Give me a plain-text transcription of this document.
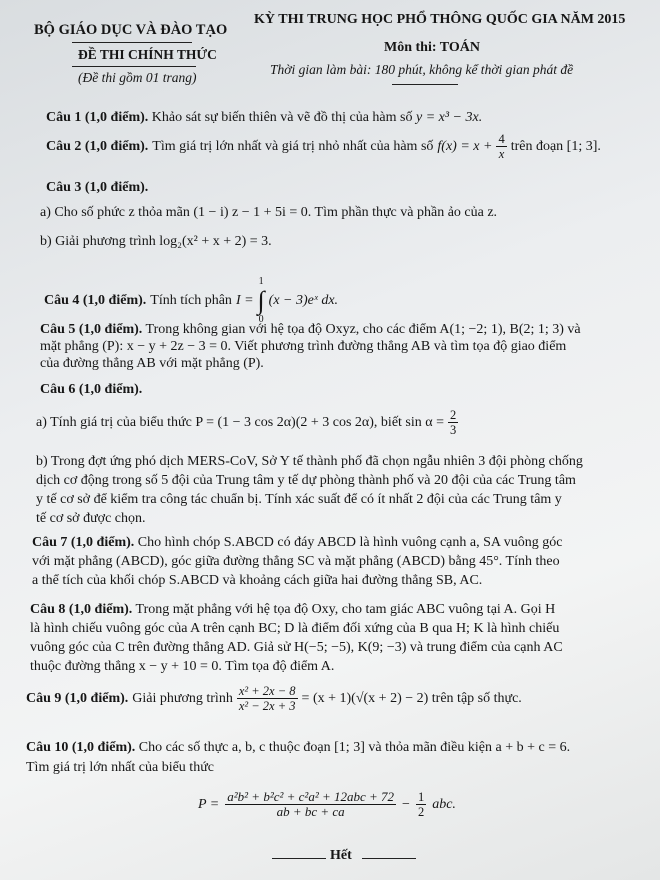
BỘ GIÁO DỤC VÀ ĐÀO TẠO
KỲ THI TRUNG HỌC PHỔ THÔNG QUỐC GIA NĂM 2015
ĐỀ THI CHÍNH THỨC	Môn thi: TOÁN
(Đề thi gồm 01 trang)
Thời gian làm bài: 180 phút, không kể thời gian phát đề
Câu 1 (1,0 điểm). Khảo sát sự biến thiên và vẽ đồ thị của hàm số y = x³ − 3x.
Câu 2 (1,0 điểm). Tìm giá trị lớn nhất và giá trị nhỏ nhất của hàm số $f(x) = x + \frac{4}{x}$ trên đoạn [1; 3].
Câu 3 (1,0 điểm).
a) Cho số phức z thỏa mãn (1 − i) z − 1 + 5i = 0. Tìm phần thực và phần ảo của z.
b) Giải phương trình log₂(x² + x + 2) = 3.
Câu 4 (1,0 điểm). Tính tích phân I =
1
∫
0
(x − 3)eˣ dx.
Câu 5 (1,0 điểm). Trong không gian với hệ tọa độ Oxyz, cho các điểm A(1; −2; 1), B(2; 1; 3) và
mặt phẳng (P): x − y + 2z − 3 = 0. Viết phương trình đường thẳng AB và tìm tọa độ giao điểm
của đường thẳng AB với mặt phẳng (P).
Câu 6 (1,0 điểm).
a) Tính giá trị của biểu thức P = (1 − 3 cos 2α)(2 + 3 cos 2α), biết $\sin \alpha = \frac{2}{3}$
b) Trong đợt ứng phó dịch MERS-CoV, Sở Y tế thành phố đã chọn ngẫu nhiên 3 đội phòng chống
dịch cơ động trong số 5 đội của Trung tâm y tế dự phòng thành phố và 20 đội của các Trung tâm
y tế cơ sở để kiểm tra công tác chuẩn bị. Tính xác suất để có ít nhất 2 đội của các Trung tâm y
tế cơ sở được chọn.
Câu 7 (1,0 điểm). Cho hình chóp S.ABCD có đáy ABCD là hình vuông cạnh a, SA vuông góc
với mặt phẳng (ABCD), góc giữa đường thẳng SC và mặt phẳng (ABCD) bằng 45°. Tính theo
a thể tích của khối chóp S.ABCD và khoảng cách giữa hai đường thẳng SB, AC.
Câu 8 (1,0 điểm). Trong mặt phẳng với hệ tọa độ Oxy, cho tam giác ABC vuông tại A. Gọi H
là hình chiếu vuông góc của A trên cạnh BC; D là điểm đối xứng của B qua H; K là hình chiếu
vuông góc của C trên đường thẳng AD. Giả sử H(−5; −5), K(9; −3) và trung điểm của cạnh AC
thuộc đường thẳng x − y + 10 = 0. Tìm tọa độ điểm A.
Câu 9 (1,0 điểm). Giải phương trình $\frac{\text{x² + 2x − 8}}{\text{x² − 2x + 3}} = (x + 1)(√(x + 2) - 2)$ trên tập số thực.
Câu 10 (1,0 điểm). Cho các số thực a, b, c thuộc đoạn [1; 3] và thỏa mãn điều kiện a + b + c = 6.
Tìm giá trị lớn nhất của biểu thức
$P = \frac{\text{a²b² + b²c² + c²a² + 12abc + 72}}{ab + bc + ca} - \frac{1}{2}$ abc.
Hết
